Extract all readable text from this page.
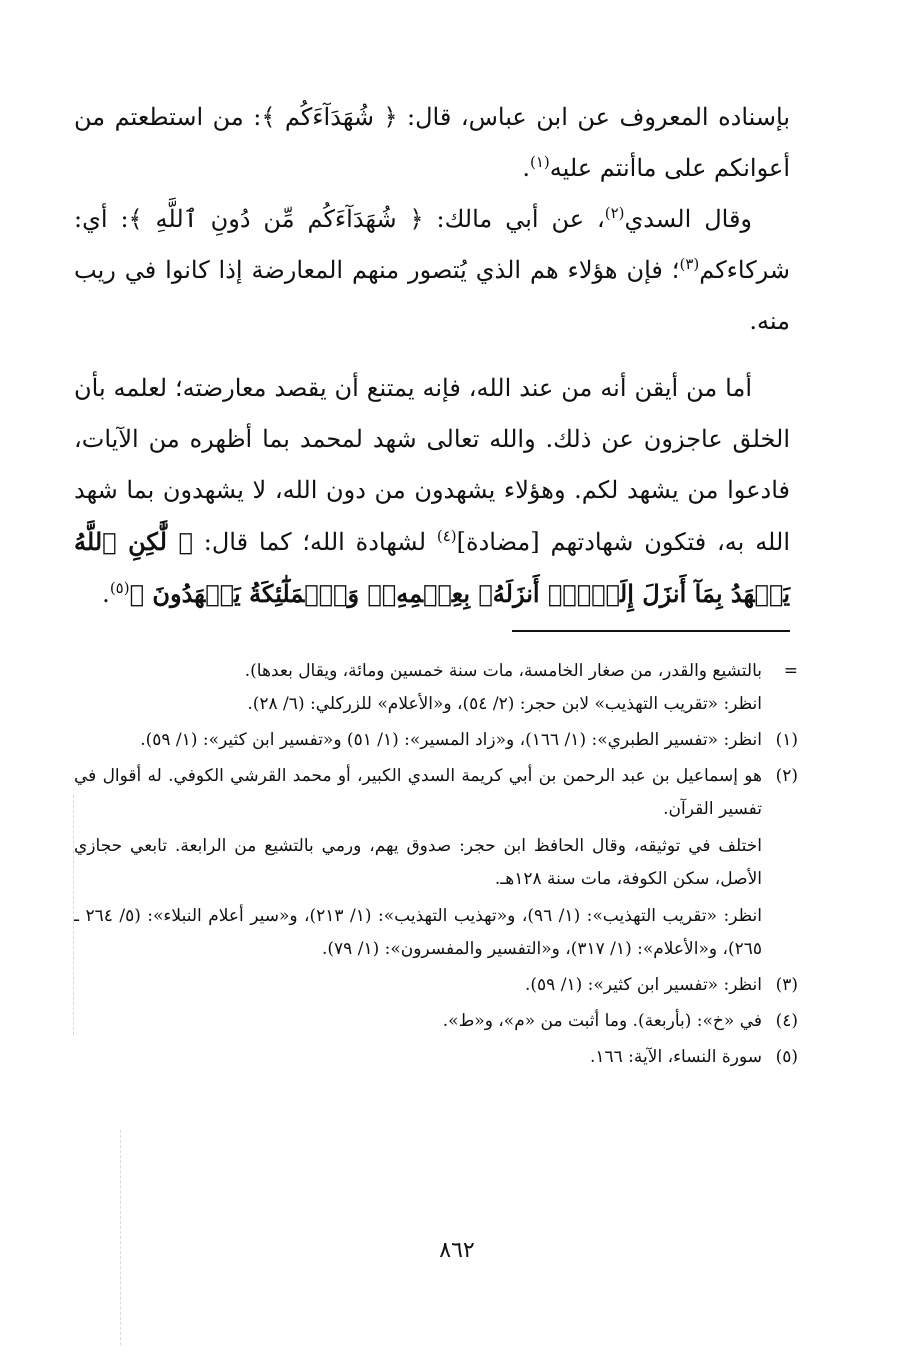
بإسناده المعروف عن ابن عباس، قال: ﴿ شُهَدَآءَكُم ﴾: من استطعتم من أعوانكم على ماأنتم عليه$^{(١)}$.

وقال السدي$^{(٢)}$، عن أبي مالك: ﴿ شُهَدَآءَكُم مِّن دُونِ ٱللَّهِ ﴾: أي: شركاءكم$^{(٣)}$؛ فإن هؤلاء هم الذي يُتصور منهم المعارضة إذا كانوا في ريب منه.

أما من أيقن أنه من عند الله، فإنه يمتنع أن يقصد معارضته؛ لعلمه بأن الخلق عاجزون عن ذلك. والله تعالى شهد لمحمد بما أظهره من الآيات، فادعوا من يشهد لكم. وهؤلاء يشهدون من دون الله، لا يشهدون بما شهد الله به، فتكون شهادتهم [مضادة]$^{(٤)}$ لشهادة الله؛ كما قال: ﴿ لَّٰكِنِ ٱللَّهُ يَشۡهَدُ بِمَآ أَنزَلَ إِلَيۡكَۖ أَنزَلَهُۥ بِعِلۡمِهِۦۖ وَٱلۡمَلَٰٓئِكَةُ يَشۡهَدُونَ ﴾$^{(٥)}$.

=

بالتشيع والقدر، من صغار الخامسة، مات سنة خمسين ومائة، ويقال بعدها).

انظر: «تقريب التهذيب» لابن حجر: (٢/ ٥٤)، و«الأعلام» للزركلي: (٦/ ٢٨).

(١)

انظر: «تفسير الطبري»: (١/ ١٦٦)، و«زاد المسير»: (١/ ٥١) و«تفسير ابن كثير»: (١/ ٥٩).

(٢)

هو إسماعيل بن عبد الرحمن بن أبي كريمة السدي الكبير، أو محمد القرشي الكوفي. له أقوال في تفسير القرآن.

اختلف في توثيقه، وقال الحافظ ابن حجر: صدوق يهم، ورمي بالتشيع من الرابعة. تابعي حجازي الأصل، سكن الكوفة، مات سنة ١٢٨هـ.

انظر: «تقريب التهذيب»: (١/ ٩٦)، و«تهذيب التهذيب»: (١/ ٢١٣)، و«سير أعلام النبلاء»: (٥/ ٢٦٤ ـ ٢٦٥)، و«الأعلام»: (١/ ٣١٧)، و«التفسير والمفسرون»: (١/ ٧٩).

(٣)

انظر: «تفسير ابن كثير»: (١/ ٥٩).

(٤)

في «خ»: (بأربعة). وما أثبت من «م»، و«ط».

(٥)

سورة النساء، الآية: ١٦٦.

٨٦٢
